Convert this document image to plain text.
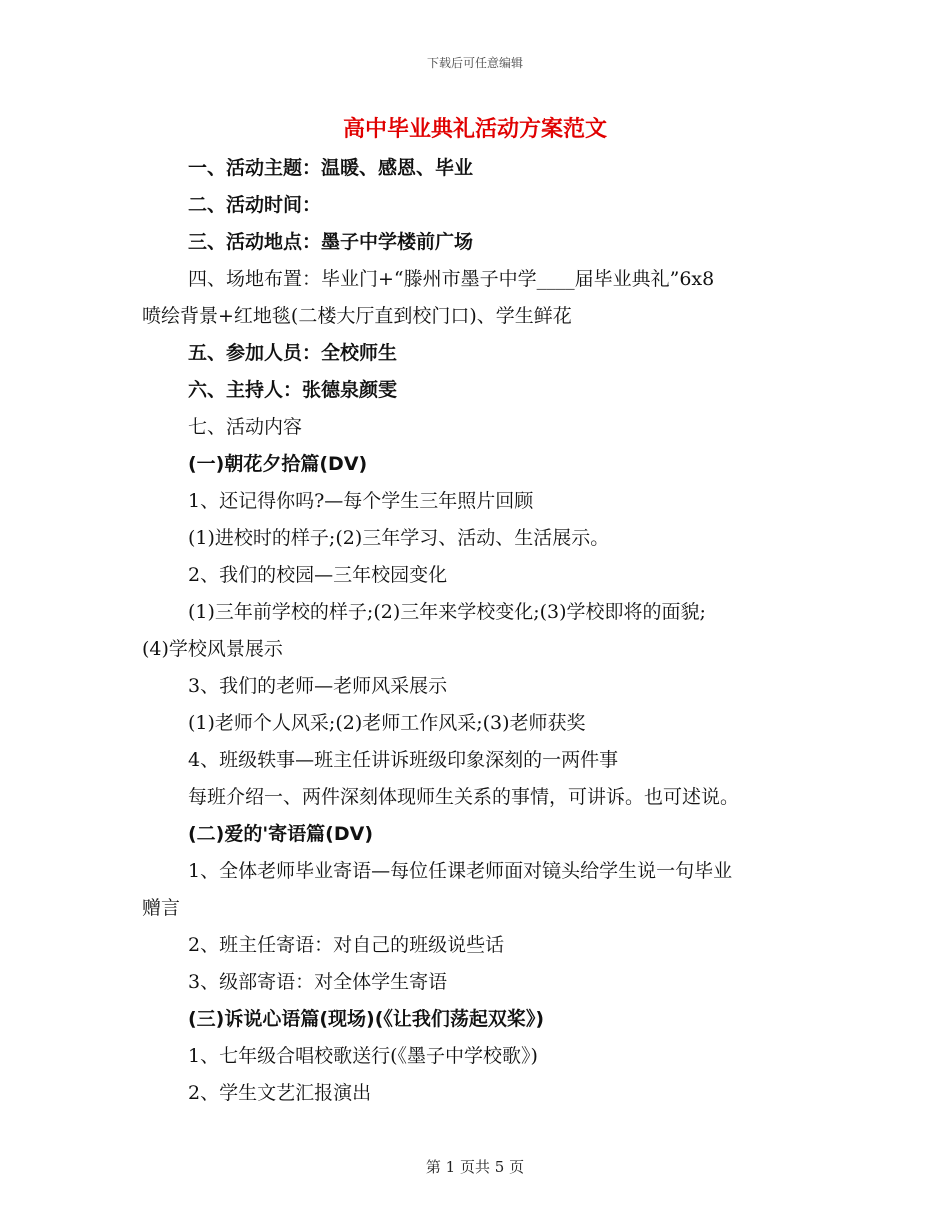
下载后可任意编辑
高中毕业典礼活动方案范文
一、活动主题：温暖、感恩、毕业
二、活动时间：
三、活动地点：墨子中学楼前广场
四、场地布置：毕业门+“滕州市墨子中学____届毕业典礼”6x8
喷绘背景+红地毯(二楼大厅直到校门口)、学生鲜花
五、参加人员：全校师生
六、主持人：张德泉颜雯
七、活动内容
(一)朝花夕拾篇(DV)
1、还记得你吗?—每个学生三年照片回顾
(1)进校时的样子;(2)三年学习、活动、生活展示。
2、我们的校园—三年校园变化
(1)三年前学校的样子;(2)三年来学校变化;(3)学校即将的面貌;
(4)学校风景展示
3、我们的老师—老师风采展示
(1)老师个人风采;(2)老师工作风采;(3)老师获奖
4、班级轶事—班主任讲诉班级印象深刻的一两件事
每班介绍一、两件深刻体现师生关系的事情，可讲诉。也可述说。
(二)爱的'寄语篇(DV)
1、全体老师毕业寄语—每位任课老师面对镜头给学生说一句毕业
赠言
2、班主任寄语：对自己的班级说些话
3、级部寄语：对全体学生寄语
(三)诉说心语篇(现场)(《让我们荡起双桨》)
1、七年级合唱校歌送行(《墨子中学校歌》)
2、学生文艺汇报演出
第 1 页共 5 页
